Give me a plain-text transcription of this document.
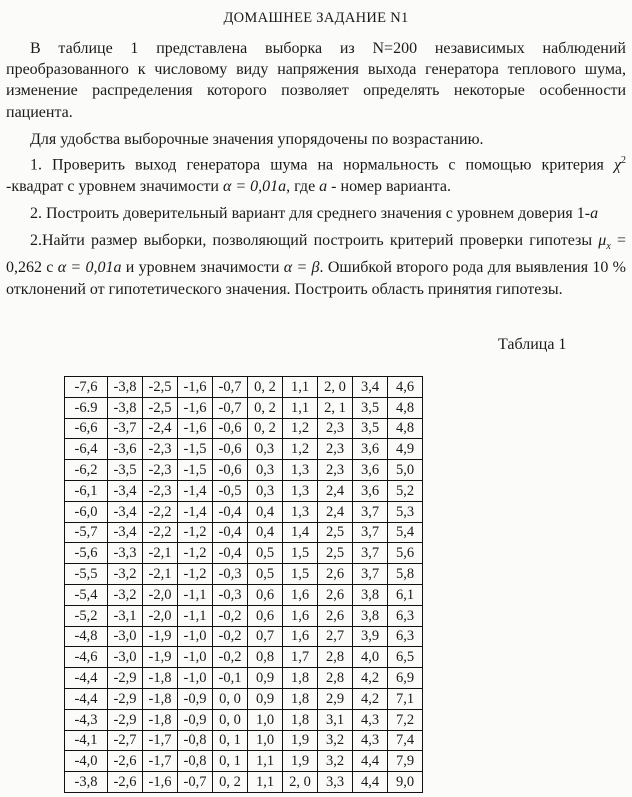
ДОМАШНЕЕ ЗАДАНИЕ N1

В таблице 1 представлена выборка из N=200 независимых наблюдений преобразованного к числовому виду напряжения выхода генератора теплового шума, изменение распределения которого позволяет определять некоторые особенности пациента.

Для удобства выборочные значения упорядочены по возрастанию.

1. Проверить выход генератора шума на нормальность с помощью критерия $\chi^2$ -квадрат с уровнем значимости α = 0,01a, где a - номер варианта.

2. Построить доверительный вариант для среднего значения с уровнем доверия 1-a

2.Найти размер выборки, позволяющий построить критерий проверки гипотезы $\mu_x = 0,262$ с α = 0,01a и уровнем значимости α = β. Ошибкой второго рода для выявления 10 % отклонений от гипотетического значения. Построить область принятия гипотезы.

Таблица 1
-7,6	-3,8	-2,5	-1,6	-0,7	0, 2	1,1	2, 0	3,4	4,6
-6.9	-3,8	-2,5	-1,6	-0,7	0, 2	1,1	2, 1	3,5	4,8
-6,6	-3,7	-2,4	-1,6	-0,6	0, 2	1,2	2,3	3,5	4,8
-6,4	-3,6	-2,3	-1,5	-0,6	0,3	1,2	2,3	3,6	4,9
-6,2	-3,5	-2,3	-1,5	-0,6	0,3	1,3	2,3	3,6	5,0
-6,1	-3,4	-2,3	-1,4	-0,5	0,3	1,3	2,4	3,6	5,2
-6,0	-3,4	-2,2	-1,4	-0,4	0,4	1,3	2,4	3,7	5,3
-5,7	-3,4	-2,2	-1,2	-0,4	0,4	1,4	2,5	3,7	5,4
-5,6	-3,3	-2,1	-1,2	-0,4	0,5	1,5	2,5	3,7	5,6
-5,5	-3,2	-2,1	-1,2	-0,3	0,5	1,5	2,6	3,7	5,8
-5,4	-3,2	-2,0	-1,1	-0,3	0,6	1,6	2,6	3,8	6,1
-5,2	-3,1	-2,0	-1,1	-0,2	0,6	1,6	2,6	3,8	6,3
-4,8	-3,0	-1,9	-1,0	-0,2	0,7	1,6	2,7	3,9	6,3
-4,6	-3,0	-1,9	-1,0	-0,2	0,8	1,7	2,8	4,0	6,5
-4,4	-2,9	-1,8	-1,0	-0,1	0,9	1,8	2,8	4,2	6,9
-4,4	-2,9	-1,8	-0,9	0, 0	0,9	1,8	2,9	4,2	7,1
-4,3	-2,9	-1,8	-0,9	0, 0	1,0	1,8	3,1	4,3	7,2
-4,1	-2,7	-1,7	-0,8	0, 1	1,0	1,9	3,2	4,3	7,4
-4,0	-2,6	-1,7	-0,8	0, 1	1,1	1,9	3,2	4,4	7,9
-3,8	-2,6	-1,6	-0,7	0, 2	1,1	2, 0	3,3	4,4	9,0
